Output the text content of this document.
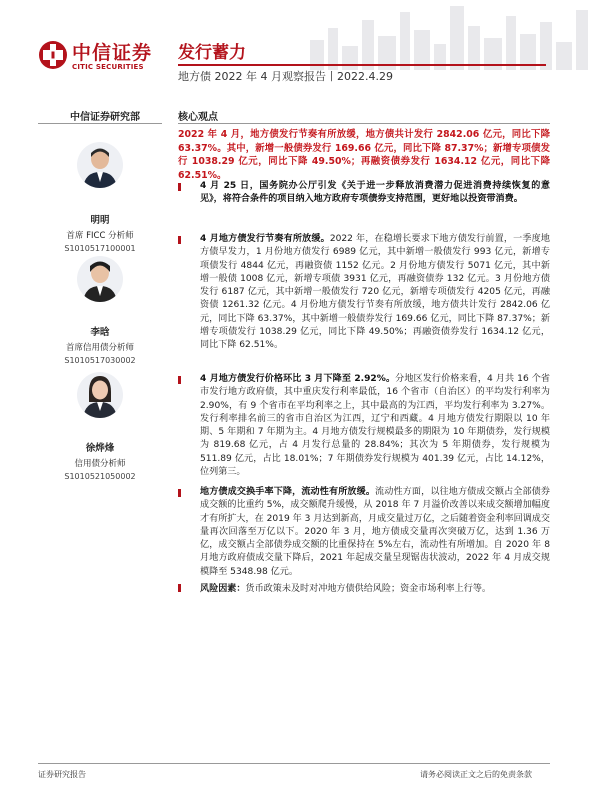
中信证券
CITIC SECURITIES
发行蓄力
地方债 2022 年 4 月观察报告丨2022.4.29
中信证券研究部
明明
首席 FICC 分析师
S1010517100001
李晗
首席信用债分析师
S1010517030002
徐烨烽
信用债分析师
S1010521050002
核心观点
2022 年 4 月，地方债发行节奏有所放缓，地方债共计发行 2842.06 亿元，同比下降 63.37%。其中，新增一般债券发行 169.66 亿元，同比下降 87.37%；新增专项债发行 1038.29 亿元，同比下降 49.50%；再融资债券发行 1634.12 亿元，同比下降 62.51%。
4 月 25 日，国务院办公厅引发《关于进一步释放消费潜力促进消费持续恢复的意见》，将符合条件的项目纳入地方政府专项债券支持范围，更好地以投资带消费。
4 月地方债发行节奏有所放缓。2022 年，在稳增长要求下地方债发行前置，一季度地方债早发力，1 月份地方债发行 6989 亿元，其中新增一般债发行 993 亿元，新增专项债发行 4844 亿元，再融资债 1152 亿元。2 月份地方债发行 5071 亿元，其中新增一般债 1008 亿元，新增专项债 3931 亿元，再融资债券 132 亿元。3 月份地方债发行 6187 亿元，其中新增一般债发行 720 亿元，新增专项债发行 4205 亿元，再融资债 1261.32 亿元。4 月份地方债发行节奏有所放缓，地方债共计发行 2842.06 亿元，同比下降 63.37%，其中新增一般债券发行 169.66 亿元，同比下降 87.37%；新增专项债发行 1038.29 亿元，同比下降 49.50%；再融资债券发行 1634.12 亿元，同比下降 62.51%。
4 月地方债发行价格环比 3 月下降至 2.92%。分地区发行价格来看，4 月共 16 个省市发行地方政府债，其中重庆发行利率最低，16 个省市（自治区）的平均发行利率为 2.90%，有 9 个省市在平均利率之上，其中最高的为江西，平均发行利率为 3.27%。发行利率排名前三的省市自治区为江西，辽宁和西藏。4 月地方债发行期限以 10 年期、5 年期和 7 年期为主。4 月地方债发行规模最多的期限为 10 年期债券，发行规模为 819.68 亿元，占 4 月发行总量的 28.84%；其次为 5 年期债券，发行规模为 511.89 亿元，占比 18.01%；7 年期债券发行规模为 401.39 亿元，占比 14.12%，位列第三。
地方债成交换手率下降，流动性有所放缓。流动性方面，以往地方债成交额占全部债券成交额的比重约 5%，成交额爬升缓慢，从 2018 年 7 月溢价改善以来成交额增加幅度才有所扩大，在 2019 年 3 月达到新高，月成交量过万亿，之后随着资金利率回调成交量再次回落至万亿以下。2020 年 3 月，地方债成交量再次突破万亿，达到 1.36 万亿，成交额占全部债券成交额的比重保持在 5%左右，流动性有所增加。自 2020 年 8 月地方政府债成交量下降后，2021 年起成交量呈现锯齿状波动，2022 年 4 月成交规模降至 5348.98 亿元。
风险因素：货币政策未及时对冲地方债供给风险；资金市场利率上行等。
证券研究报告	请务必阅读正文之后的免责条款
